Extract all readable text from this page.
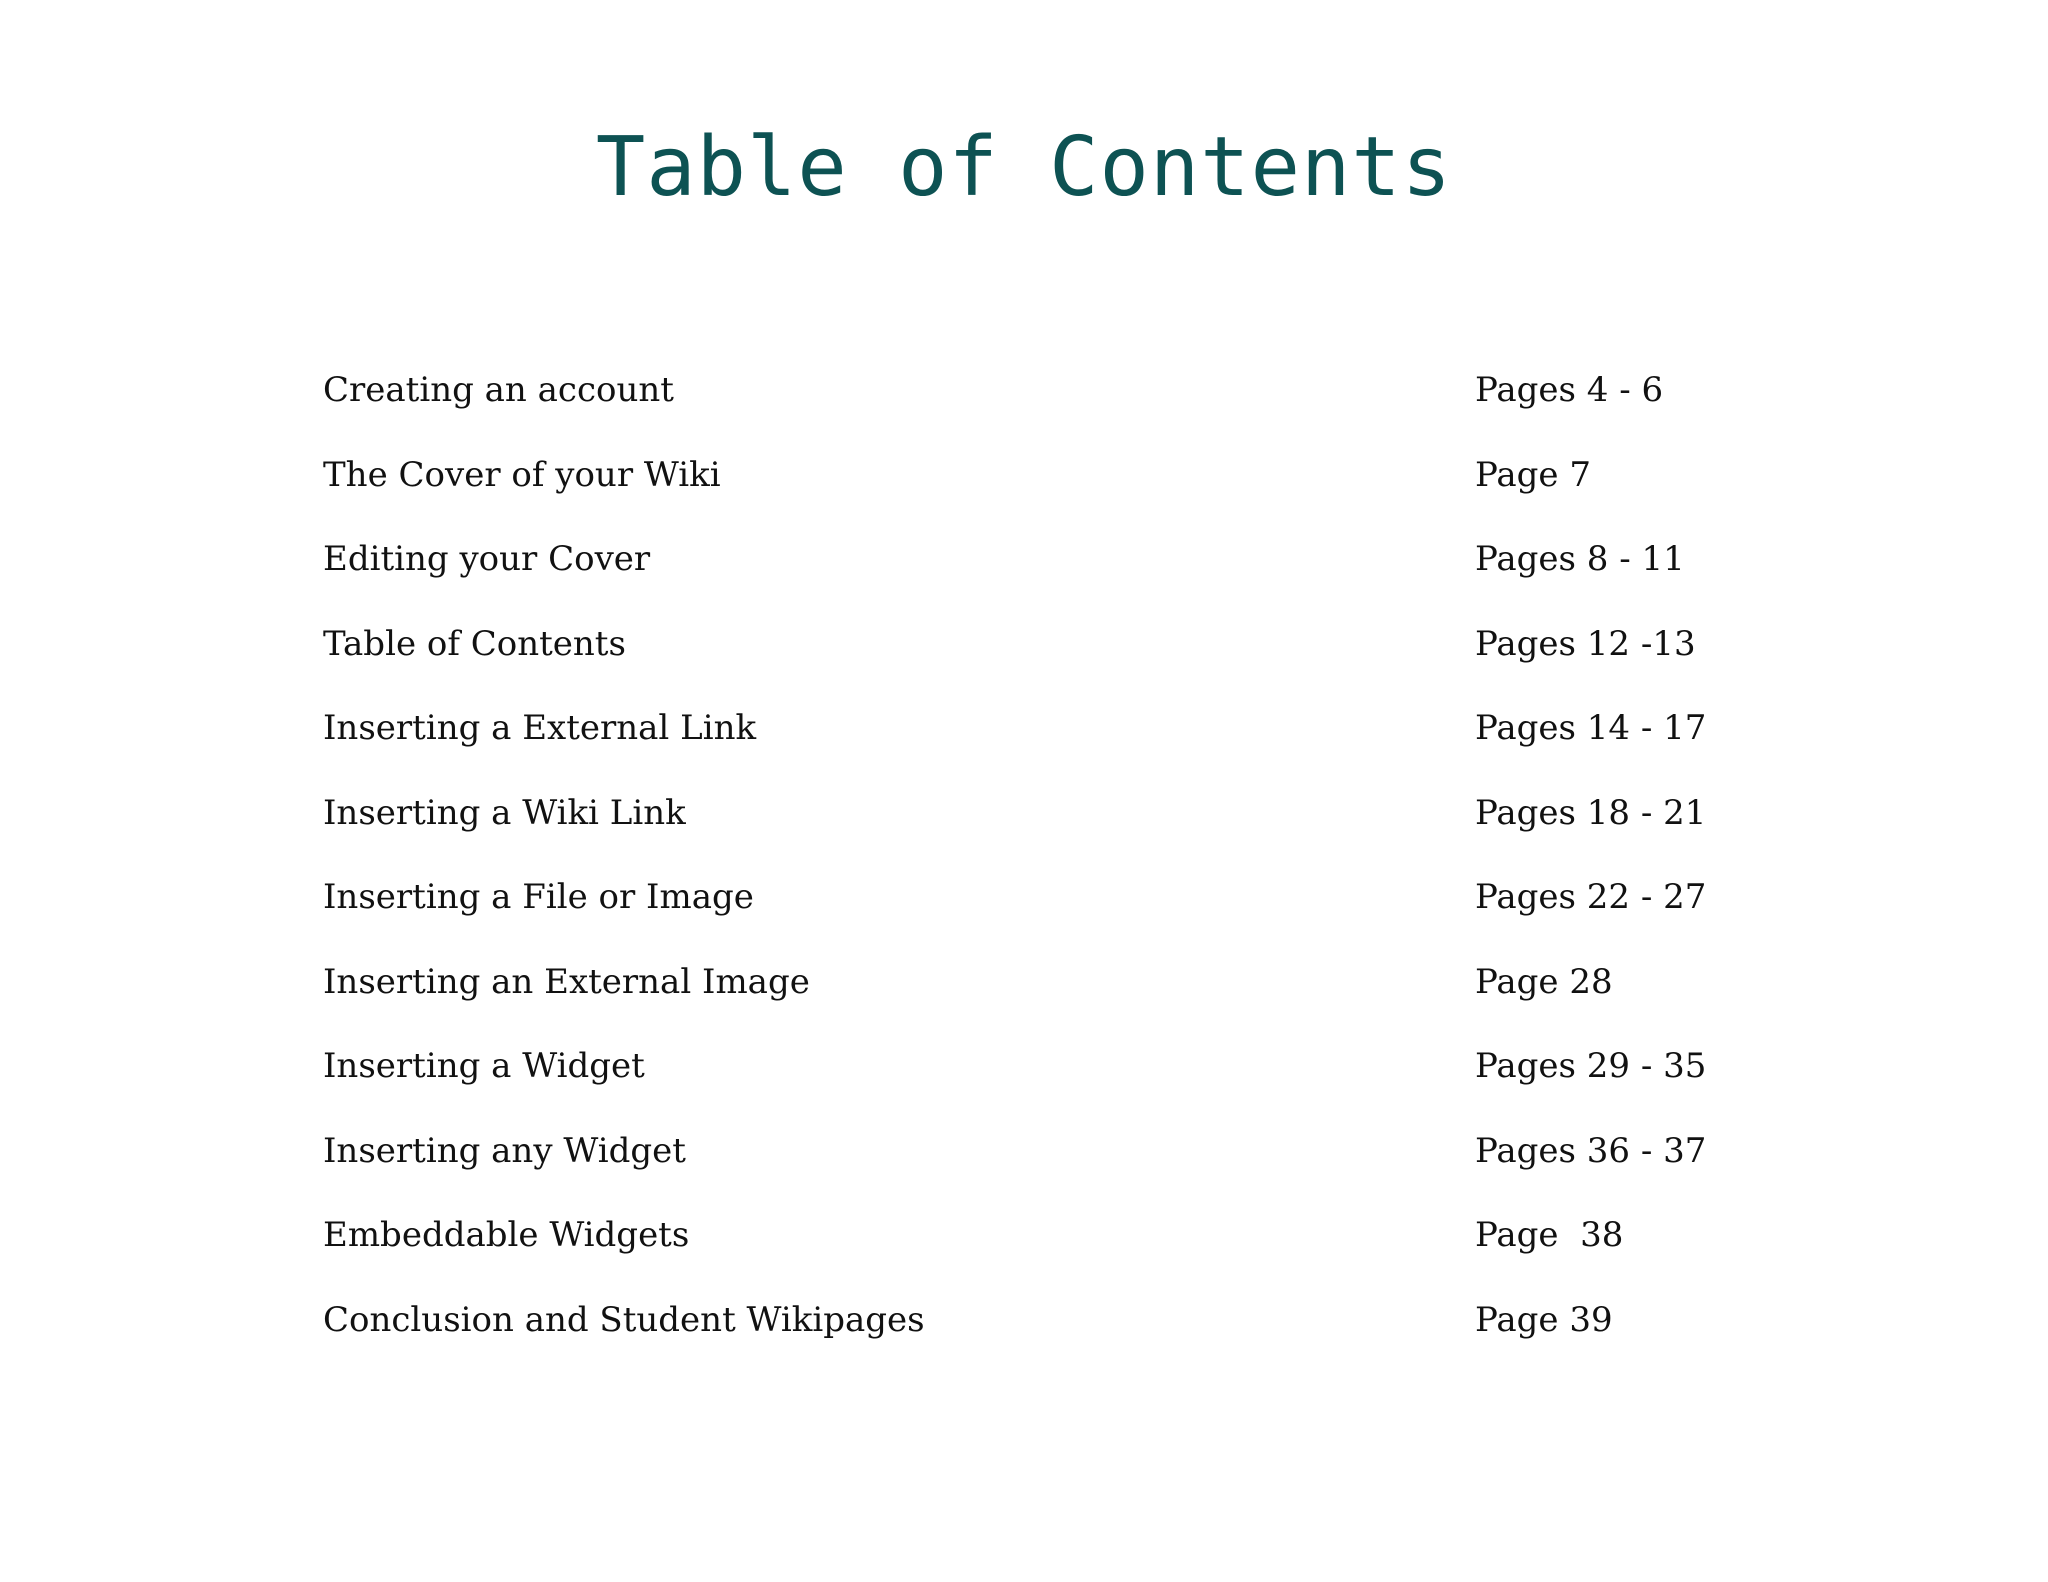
Table of Contents
Creating an account	Pages 4 - 6
The Cover of your Wiki	Page 7
Editing your Cover	Pages 8 - 11
Table of Contents	Pages 12 -13
Inserting a External Link	Pages 14 - 17
Inserting a Wiki Link	Pages 18 - 21
Inserting a File or Image	Pages 22 - 27
Inserting an External Image	Page 28
Inserting a Widget	Pages 29 - 35
Inserting any Widget	Pages 36 - 37
Embeddable Widgets	Page  38
Conclusion and Student Wikipages	Page 39
